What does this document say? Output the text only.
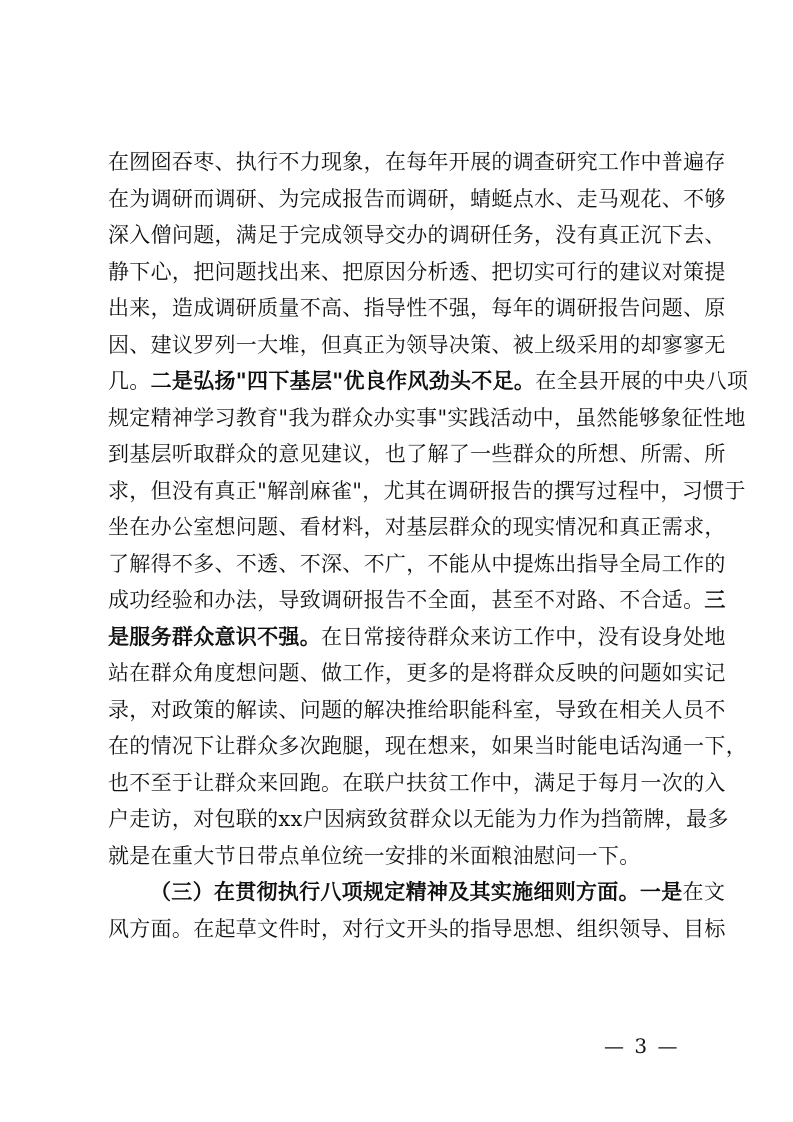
在囫囵吞枣、执行不力现象，在每年开展的调查研究工作中普遍存
在为调研而调研、为完成报告而调研，蜻蜓点水、走马观花、不够
深入僧问题，满足于完成领导交办的调研任务，没有真正沉下去、
静下心，把问题找出来、把原因分析透、把切实可行的建议对策提
出来，造成调研质量不高、指导性不强，每年的调研报告问题、原
因、建议罗列一大堆，但真正为领导决策、被上级采用的却寥寥无
几。二是弘扬"四下基层"优良作风劲头不足。在全县开展的中央八项
规定精神学习教育"我为群众办实事"实践活动中，虽然能够象征性地
到基层听取群众的意见建议，也了解了一些群众的所想、所需、所
求，但没有真正"解剖麻雀"，尤其在调研报告的撰写过程中，习惯于
坐在办公室想问题、看材料，对基层群众的现实情况和真正需求，
了解得不多、不透、不深、不广，不能从中提炼出指导全局工作的
成功经验和办法，导致调研报告不全面，甚至不对路、不合适。三
是服务群众意识不强。在日常接待群众来访工作中，没有设身处地
站在群众角度想问题、做工作，更多的是将群众反映的问题如实记
录，对政策的解读、问题的解决推给职能科室，导致在相关人员不
在的情况下让群众多次跑腿，现在想来，如果当时能电话沟通一下，
也不至于让群众来回跑。在联户扶贫工作中，满足于每月一次的入
户走访，对包联的xx户因病致贫群众以无能为力作为挡箭牌，最多
就是在重大节日带点单位统一安排的米面粮油慰问一下。
（三）在贯彻执行八项规定精神及其实施细则方面。一是在文
风方面。在起草文件时，对行文开头的指导思想、组织领导、目标
— 3 —
